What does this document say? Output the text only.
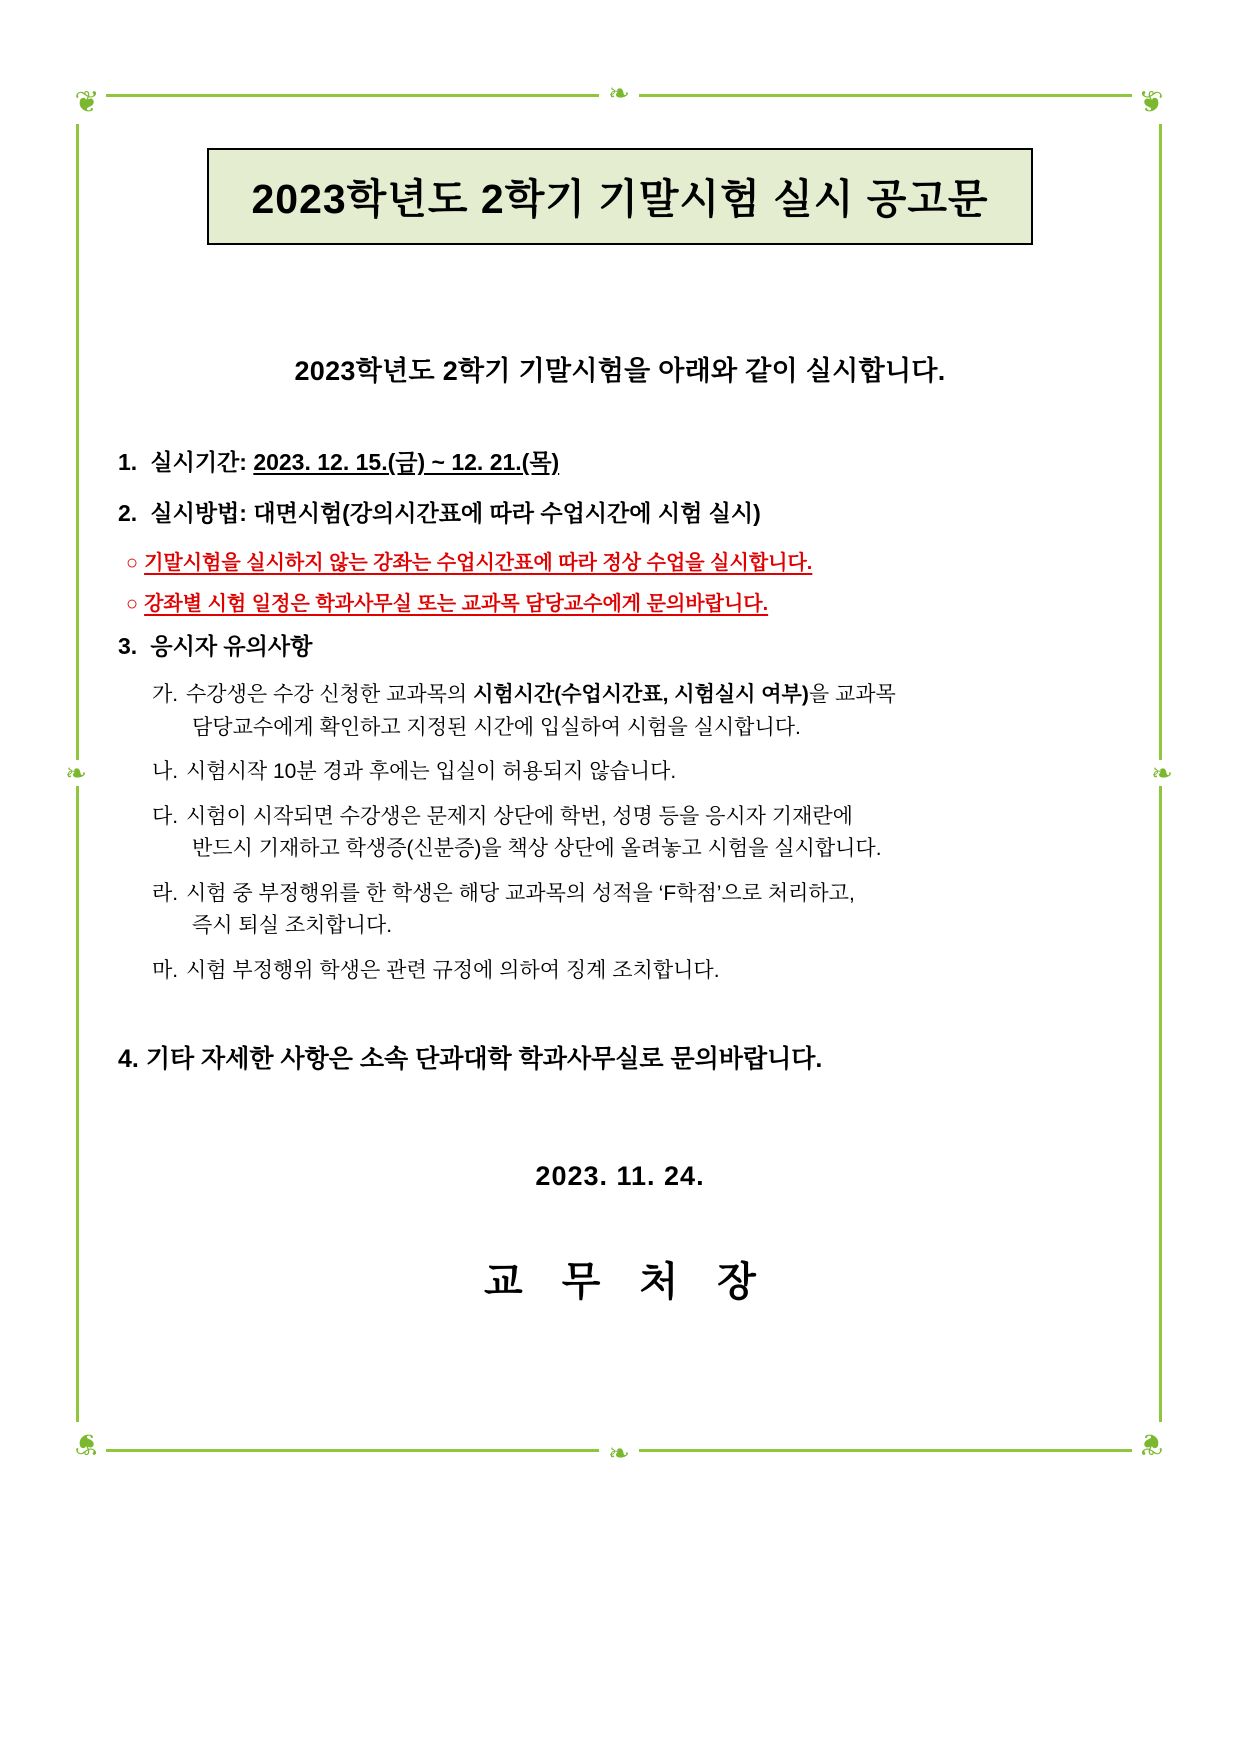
❦	❦
❦	❦
❧
❧
❧	❧
2023학년도 2학기 기말시험 실시 공고문
2023학년도 2학기 기말시험을 아래와 같이 실시합니다.
1. 실시기간: 2023. 12. 15.(금) ~ 12. 21.(목)
2. 실시방법: 대면시험(강의시간표에 따라 수업시간에 시험 실시)
○ 기말시험을 실시하지 않는 강좌는 수업시간표에 따라 정상 수업을 실시합니다.
○ 강좌별 시험 일정은 학과사무실 또는 교과목 담당교수에게 문의바랍니다.
3. 응시자 유의사항
가. 수강생은 수강 신청한 교과목의 시험시간(수업시간표, 시험실시 여부)을 교과목
담당교수에게 확인하고 지정된 시간에 입실하여 시험을 실시합니다.
나. 시험시작 10분 경과 후에는 입실이 허용되지 않습니다.
다. 시험이 시작되면 수강생은 문제지 상단에 학번, 성명 등을 응시자 기재란에
반드시 기재하고 학생증(신분증)을 책상 상단에 올려놓고 시험을 실시합니다.
라. 시험 중 부정행위를 한 학생은 해당 교과목의 성적을 ‘F학점’으로 처리하고,
즉시 퇴실 조치합니다.
마. 시험 부정행위 학생은 관련 규정에 의하여 징계 조치합니다.
4. 기타 자세한 사항은 소속 단과대학 학과사무실로 문의바랍니다.
2023. 11. 24.
교 무 처 장
